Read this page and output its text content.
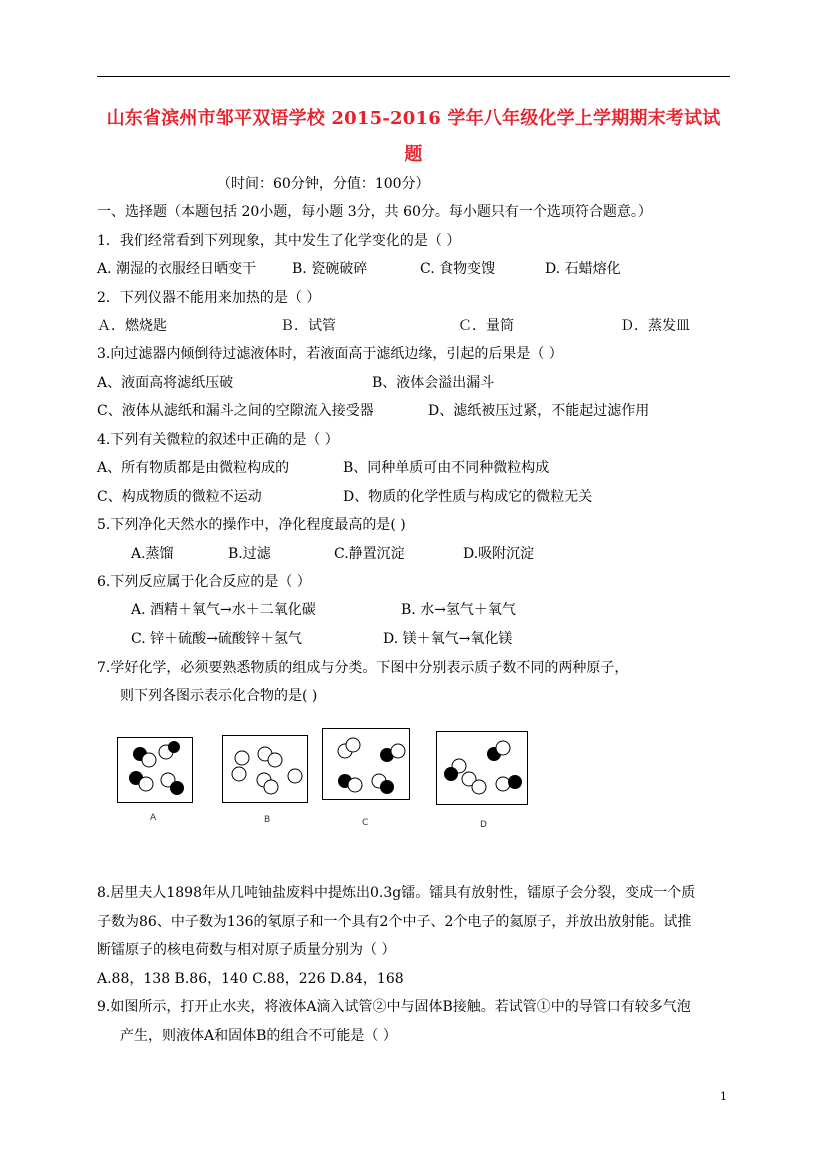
山东省滨州市邹平双语学校 2015-2016 学年八年级化学上学期期末考试试
题
（时间：60分钟，分值：100分）
一、选择题（本题包括 20小题，每小题 3分，共 60分。每小题只有一个选项符合题意。）
1．我们经常看到下列现象，其中发生了化学变化的是（ ）
A. 潮湿的衣服经日晒变干	B. 瓷碗破碎	C. 食物变馊	D. 石蜡熔化
2．下列仪器不能用来加热的是（ ）
Ａ．燃烧匙	Ｂ．试管	Ｃ．量筒	Ｄ．蒸发皿
3.向过滤器内倾倒待过滤液体时，若液面高于滤纸边缘，引起的后果是（ ）
A、液面高将滤纸压破	B、液体会溢出漏斗
C、液体从滤纸和漏斗之间的空隙流入接受器	D、滤纸被压过紧，不能起过滤作用
4.下列有关微粒的叙述中正确的是（ ）
A、所有物质都是由微粒构成的	B、同种单质可由不同种微粒构成
C、构成物质的微粒不运动	D、物质的化学性质与构成它的微粒无关
5.下列净化天然水的操作中，净化程度最高的是( )
A.蒸馏	B.过滤	C.静置沉淀	D.吸附沉淀
6.下列反应属于化合反应的是（ ）
A. 酒精＋氧气→水＋二氧化碳	B. 水→氢气＋氧气
C. 锌＋硫酸→硫酸锌＋氢气	D. 镁＋氧气→氧化镁
7.学好化学，必须要熟悉物质的组成与分类。下图中分别表示质子数不同的两种原子，
则下列各图示表示化合物的是( )
A	B	C	D
8.居里夫人1898年从几吨铀盐废料中提炼出0.3g镭。镭具有放射性，镭原子会分裂，变成一个质
子数为86、中子数为136的氡原子和一个具有2个中子、2个电子的氦原子，并放出放射能。试推
断镭原子的核电荷数与相对原子质量分别为（ ）
A.88，138 B.86，140 C.88，226 D.84，168
9.如图所示，打开止水夹，将液体A滴入试管②中与固体B接触。若试管①中的导管口有较多气泡
产生，则液体A和固体B的组合不可能是（ ）
1
